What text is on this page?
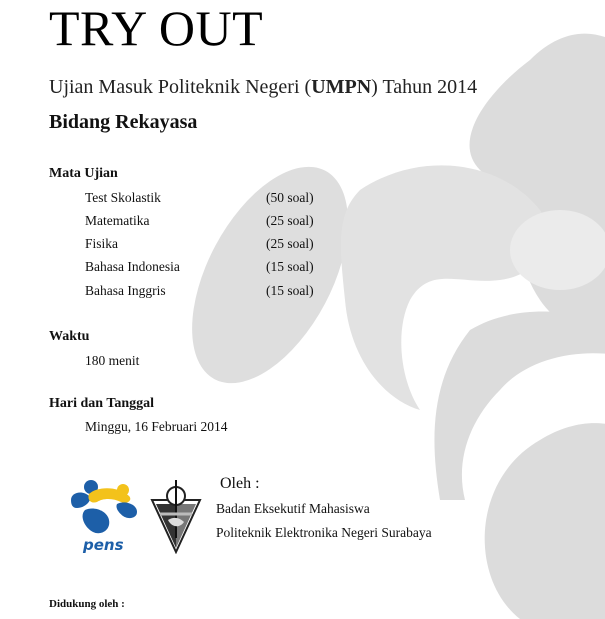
TRY OUT
Ujian Masuk Politeknik Negeri (UMPN) Tahun 2014
Bidang Rekayasa
Mata Ujian
Test Skolastik	(50 soal)
Matematika	(25 soal)
Fisika	(25 soal)
Bahasa Indonesia	(15 soal)
Bahasa Inggris	(15 soal)
Waktu
180 menit
Hari dan Tanggal
Minggu, 16 Februari 2014
pens
Oleh :
Badan Eksekutif Mahasiswa
Politeknik Elektronika Negeri Surabaya
Didukung oleh :
